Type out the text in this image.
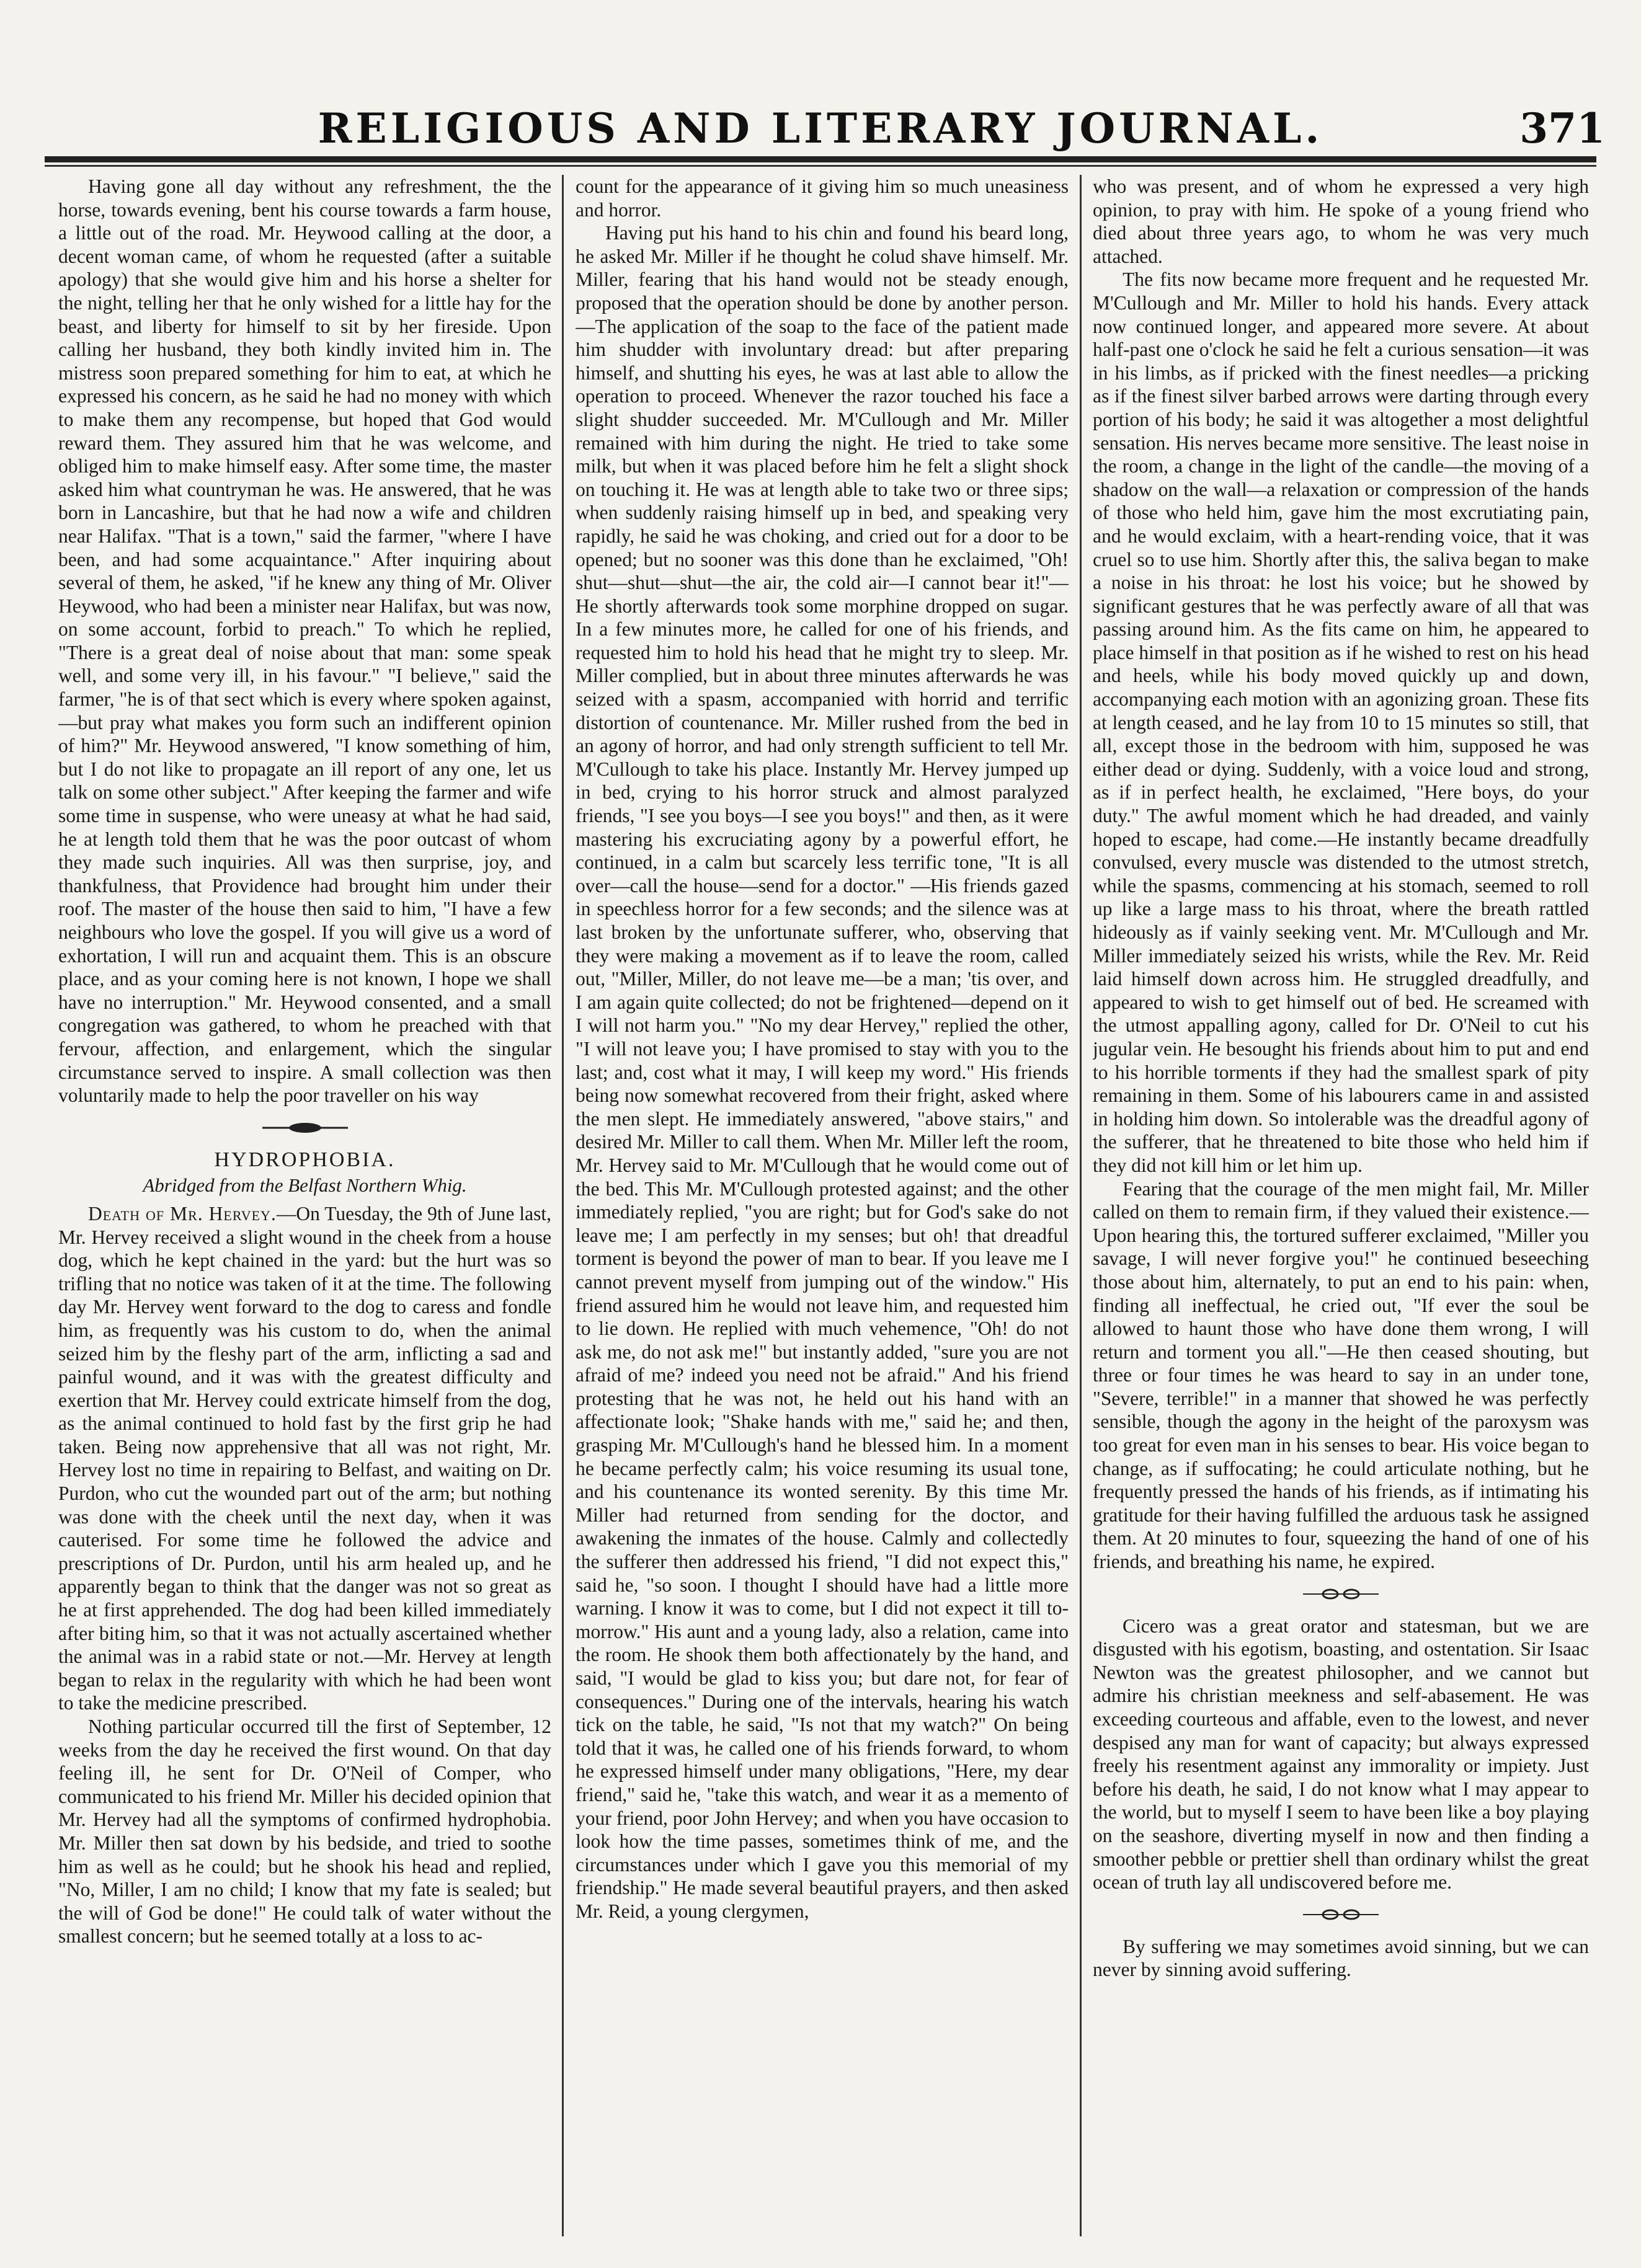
RELIGIOUS AND LITERARY JOURNAL.	371

Having gone all day without any refreshment, the the horse, towards evening, bent his course towards a farm house, a little out of the road. Mr. Heywood calling at the door, a decent woman came, of whom he requested (after a suitable apology) that she would give him and his horse a shelter for the night, telling her that he only wished for a little hay for the beast, and liberty for himself to sit by her fireside. Upon calling her husband, they both kindly invited him in. The mistress soon prepared something for him to eat, at which he expressed his concern, as he said he had no money with which to make them any recompense, but hoped that God would reward them. They assured him that he was welcome, and obliged him to make himself easy. After some time, the master asked him what countryman he was. He answered, that he was born in Lancashire, but that he had now a wife and children near Halifax. "That is a town," said the farmer, "where I have been, and had some acquaintance." After inquiring about several of them, he asked, "if he knew any thing of Mr. Oliver Heywood, who had been a minister near Halifax, but was now, on some account, forbid to preach." To which he replied, "There is a great deal of noise about that man: some speak well, and some very ill, in his favour." "I believe," said the farmer, "he is of that sect which is every where spoken against,—but pray what makes you form such an indifferent opinion of him?" Mr. Heywood answered, "I know something of him, but I do not like to propagate an ill report of any one, let us talk on some other subject." After keeping the farmer and wife some time in suspense, who were uneasy at what he had said, he at length told them that he was the poor outcast of whom they made such inquiries. All was then surprise, joy, and thankfulness, that Providence had brought him under their roof. The master of the house then said to him, "I have a few neighbours who love the gospel. If you will give us a word of exhortation, I will run and acquaint them. This is an obscure place, and as your coming here is not known, I hope we shall have no interruption." Mr. Heywood consented, and a small congregation was gathered, to whom he preached with that fervour, affection, and enlargement, which the singular circumstance served to inspire. A small collection was then voluntarily made to help the poor traveller on his way

HYDROPHOBIA.
Abridged from the Belfast Northern Whig.

Death of Mr. Hervey.—On Tuesday, the 9th of June last, Mr. Hervey received a slight wound in the cheek from a house dog, which he kept chained in the yard: but the hurt was so trifling that no notice was taken of it at the time. The following day Mr. Hervey went forward to the dog to caress and fondle him, as frequently was his custom to do, when the animal seized him by the fleshy part of the arm, inflicting a sad and painful wound, and it was with the greatest difficulty and exertion that Mr. Hervey could extricate himself from the dog, as the animal continued to hold fast by the first grip he had taken. Being now apprehensive that all was not right, Mr. Hervey lost no time in repairing to Belfast, and waiting on Dr. Purdon, who cut the wounded part out of the arm; but nothing was done with the cheek until the next day, when it was cauterised. For some time he followed the advice and prescriptions of Dr. Purdon, until his arm healed up, and he apparently began to think that the danger was not so great as he at first apprehended. The dog had been killed immediately after biting him, so that it was not actually ascertained whether the animal was in a rabid state or not.—Mr. Hervey at length began to relax in the regularity with which he had been wont to take the medicine prescribed.

Nothing particular occurred till the first of September, 12 weeks from the day he received the first wound. On that day feeling ill, he sent for Dr. O'Neil of Comper, who communicated to his friend Mr. Miller his decided opinion that Mr. Hervey had all the symptoms of confirmed hydrophobia. Mr. Miller then sat down by his bedside, and tried to soothe him as well as he could; but he shook his head and replied, "No, Miller, I am no child; I know that my fate is sealed; but the will of God be done!" He could talk of water without the smallest concern; but he seemed totally at a loss to ac-

count for the appearance of it giving him so much uneasiness and horror.

Having put his hand to his chin and found his beard long, he asked Mr. Miller if he thought he colud shave himself. Mr. Miller, fearing that his hand would not be steady enough, proposed that the operation should be done by another person.—The application of the soap to the face of the patient made him shudder with involuntary dread: but after preparing himself, and shutting his eyes, he was at last able to allow the operation to proceed. Whenever the razor touched his face a slight shudder succeeded. Mr. M'Cullough and Mr. Miller remained with him during the night. He tried to take some milk, but when it was placed before him he felt a slight shock on touching it. He was at length able to take two or three sips; when suddenly raising himself up in bed, and speaking very rapidly, he said he was choking, and cried out for a door to be opened; but no sooner was this done than he exclaimed, "Oh! shut—shut—shut—the air, the cold air—I cannot bear it!"—He shortly afterwards took some morphine dropped on sugar. In a few minutes more, he called for one of his friends, and requested him to hold his head that he might try to sleep. Mr. Miller complied, but in about three minutes afterwards he was seized with a spasm, accompanied with horrid and terrific distortion of countenance. Mr. Miller rushed from the bed in an agony of horror, and had only strength sufficient to tell Mr. M'Cullough to take his place. Instantly Mr. Hervey jumped up in bed, crying to his horror struck and almost paralyzed friends, "I see you boys—I see you boys!" and then, as it were mastering his excruciating agony by a powerful effort, he continued, in a calm but scarcely less terrific tone, "It is all over—call the house—send for a doctor." —His friends gazed in speechless horror for a few seconds; and the silence was at last broken by the unfortunate sufferer, who, observing that they were making a movement as if to leave the room, called out, "Miller, Miller, do not leave me—be a man; 'tis over, and I am again quite collected; do not be frightened—depend on it I will not harm you." "No my dear Hervey," replied the other, "I will not leave you; I have promised to stay with you to the last; and, cost what it may, I will keep my word." His friends being now somewhat recovered from their fright, asked where the men slept. He immediately answered, "above stairs," and desired Mr. Miller to call them. When Mr. Miller left the room, Mr. Hervey said to Mr. M'Cullough that he would come out of the bed. This Mr. M'Cullough protested against; and the other immediately replied, "you are right; but for God's sake do not leave me; I am perfectly in my senses; but oh! that dreadful torment is beyond the power of man to bear. If you leave me I cannot prevent myself from jumping out of the window." His friend assured him he would not leave him, and requested him to lie down. He replied with much vehemence, "Oh! do not ask me, do not ask me!" but instantly added, "sure you are not afraid of me? indeed you need not be afraid." And his friend protesting that he was not, he held out his hand with an affectionate look; "Shake hands with me," said he; and then, grasping Mr. M'Cullough's hand he blessed him. In a moment he became perfectly calm; his voice resuming its usual tone, and his countenance its wonted serenity. By this time Mr. Miller had returned from sending for the doctor, and awakening the inmates of the house. Calmly and collectedly the sufferer then addressed his friend, "I did not expect this," said he, "so soon. I thought I should have had a little more warning. I know it was to come, but I did not expect it till to-morrow." His aunt and a young lady, also a relation, came into the room. He shook them both affectionately by the hand, and said, "I would be glad to kiss you; but dare not, for fear of consequences." During one of the intervals, hearing his watch tick on the table, he said, "Is not that my watch?" On being told that it was, he called one of his friends forward, to whom he expressed himself under many obligations, "Here, my dear friend," said he, "take this watch, and wear it as a memento of your friend, poor John Hervey; and when you have occasion to look how the time passes, sometimes think of me, and the circumstances under which I gave you this memorial of my friendship." He made several beautiful prayers, and then asked Mr. Reid, a young clergymen,

who was present, and of whom he expressed a very high opinion, to pray with him. He spoke of a young friend who died about three years ago, to whom he was very much attached.

The fits now became more frequent and he requested Mr. M'Cullough and Mr. Miller to hold his hands. Every attack now continued longer, and appeared more severe. At about half-past one o'clock he said he felt a curious sensation—it was in his limbs, as if pricked with the finest needles—a pricking as if the finest silver barbed arrows were darting through every portion of his body; he said it was altogether a most delightful sensation. His nerves became more sensitive. The least noise in the room, a change in the light of the candle—the moving of a shadow on the wall—a relaxation or compression of the hands of those who held him, gave him the most excrutiating pain, and he would exclaim, with a heart-rending voice, that it was cruel so to use him. Shortly after this, the saliva began to make a noise in his throat: he lost his voice; but he showed by significant gestures that he was perfectly aware of all that was passing around him. As the fits came on him, he appeared to place himself in that position as if he wished to rest on his head and heels, while his body moved quickly up and down, accompanying each motion with an agonizing groan. These fits at length ceased, and he lay from 10 to 15 minutes so still, that all, except those in the bedroom with him, supposed he was either dead or dying. Suddenly, with a voice loud and strong, as if in perfect health, he exclaimed, "Here boys, do your duty." The awful moment which he had dreaded, and vainly hoped to escape, had come.—He instantly became dreadfully convulsed, every muscle was distended to the utmost stretch, while the spasms, commencing at his stomach, seemed to roll up like a large mass to his throat, where the breath rattled hideously as if vainly seeking vent. Mr. M'Cullough and Mr. Miller immediately seized his wrists, while the Rev. Mr. Reid laid himself down across him. He struggled dreadfully, and appeared to wish to get himself out of bed. He screamed with the utmost appalling agony, called for Dr. O'Neil to cut his jugular vein. He besought his friends about him to put and end to his horrible torments if they had the smallest spark of pity remaining in them. Some of his labourers came in and assisted in holding him down. So intolerable was the dreadful agony of the sufferer, that he threatened to bite those who held him if they did not kill him or let him up.

Fearing that the courage of the men might fail, Mr. Miller called on them to remain firm, if they valued their existence.—Upon hearing this, the tortured sufferer exclaimed, "Miller you savage, I will never forgive you!" he continued beseeching those about him, alternately, to put an end to his pain: when, finding all ineffectual, he cried out, "If ever the soul be allowed to haunt those who have done them wrong, I will return and torment you all."—He then ceased shouting, but three or four times he was heard to say in an under tone, "Severe, terrible!" in a manner that showed he was perfectly sensible, though the agony in the height of the paroxysm was too great for even man in his senses to bear. His voice began to change, as if suffocating; he could articulate nothing, but he frequently pressed the hands of his friends, as if intimating his gratitude for their having fulfilled the arduous task he assigned them. At 20 minutes to four, squeezing the hand of one of his friends, and breathing his name, he expired.

Cicero was a great orator and statesman, but we are disgusted with his egotism, boasting, and ostentation. Sir Isaac Newton was the greatest philosopher, and we cannot but admire his christian meekness and self-abasement. He was exceeding courteous and affable, even to the lowest, and never despised any man for want of capacity; but always expressed freely his resentment against any immorality or impiety. Just before his death, he said, I do not know what I may appear to the world, but to myself I seem to have been like a boy playing on the seashore, diverting myself in now and then finding a smoother pebble or prettier shell than ordinary whilst the great ocean of truth lay all undiscovered before me.

By suffering we may sometimes avoid sinning, but we can never by sinning avoid suffering.
